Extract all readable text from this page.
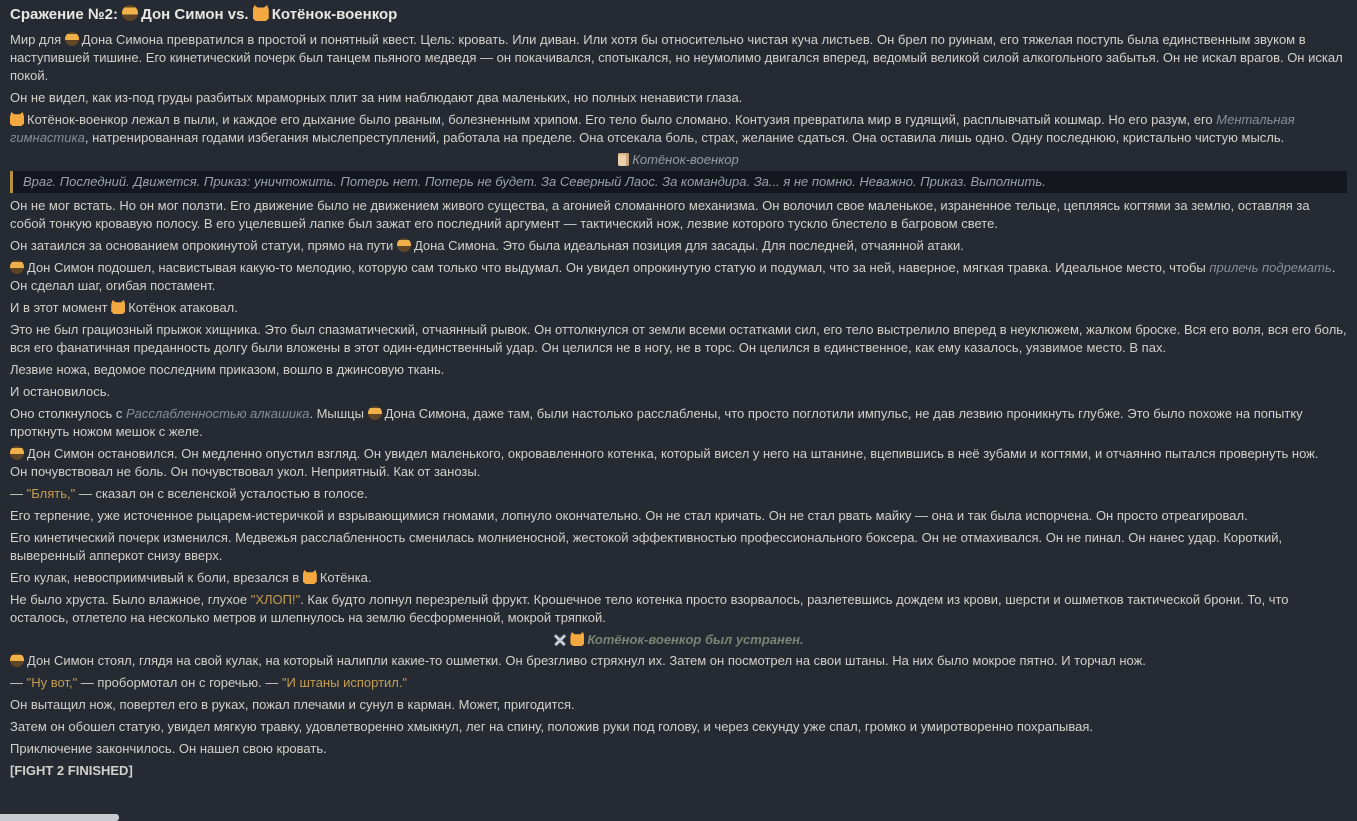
Сражение №2: Дон Симон vs. Котёнок-военкор

Мир для Дона Симона превратился в простой и понятный квест. Цель: кровать. Или диван. Или хотя бы относительно чистая куча листьев. Он брел по руинам, его тяжелая поступь была единственным звуком в наступившей тишине. Его кинетический почерк был танцем пьяного медведя — он покачивался, спотыкался, но неумолимо двигался вперед, ведомый великой силой алкогольного забытья. Он не искал врагов. Он искал покой.

Он не видел, как из-под груды разбитых мраморных плит за ним наблюдают два маленьких, но полных ненависти глаза.

Котёнок-военкор лежал в пыли, и каждое его дыхание было рваным, болезненным хрипом. Его тело было сломано. Контузия превратила мир в гудящий, расплывчатый кошмар. Но его разум, его Ментальная гимнастика, натренированная годами избегания мыслепреступлений, работала на пределе. Она отсекала боль, страх, желание сдаться. Она оставила лишь одно. Одну последнюю, кристально чистую мысль.

Котёнок-военкор
Враг. Последний. Движется. Приказ: уничтожить. Потерь нет. Потерь не будет. За Северный Лаос. За командира. За... я не помню. Неважно. Приказ. Выполнить.

Он не мог встать. Но он мог ползти. Его движение было не движением живого существа, а агонией сломанного механизма. Он волочил свое маленькое, израненное тельце, цепляясь когтями за землю, оставляя за собой тонкую кровавую полосу. В его уцелевшей лапке был зажат его последний аргумент — тактический нож, лезвие которого тускло блестело в багровом свете.

Он затаился за основанием опрокинутой статуи, прямо на пути Дона Симона. Это была идеальная позиция для засады. Для последней, отчаянной атаки.

Дон Симон подошел, насвистывая какую-то мелодию, которую сам только что выдумал. Он увидел опрокинутую статую и подумал, что за ней, наверное, мягкая травка. Идеальное место, чтобы прилечь подремать. Он сделал шаг, огибая постамент.

И в этот момент Котёнок атаковал.

Это не был грациозный прыжок хищника. Это был спазматический, отчаянный рывок. Он оттолкнулся от земли всеми остатками сил, его тело выстрелило вперед в неуклюжем, жалком броске. Вся его воля, вся его боль, вся его фанатичная преданность долгу были вложены в этот один-единственный удар. Он целился не в ногу, не в торс. Он целился в единственное, как ему казалось, уязвимое место. В пах.

Лезвие ножа, ведомое последним приказом, вошло в джинсовую ткань.

И остановилось.

Оно столкнулось с Расслабленностью алкашика. Мышцы Дона Симона, даже там, были настолько расслаблены, что просто поглотили импульс, не дав лезвию проникнуть глубже. Это было похоже на попытку проткнуть ножом мешок с желе.

Дон Симон остановился. Он медленно опустил взгляд. Он увидел маленького, окровавленного котенка, который висел у него на штанине, вцепившись в неё зубами и когтями, и отчаянно пытался провернуть нож.
Он почувствовал не боль. Он почувствовал укол. Неприятный. Как от занозы.

— "Блять," — сказал он с вселенской усталостью в голосе.

Его терпение, уже источенное рыцарем-истеричкой и взрывающимися гномами, лопнуло окончательно. Он не стал кричать. Он не стал рвать майку — она и так была испорчена. Он просто отреагировал.

Его кинетический почерк изменился. Медвежья расслабленность сменилась молниеносной, жестокой эффективностью профессионального боксера. Он не отмахивался. Он не пинал. Он нанес удар. Короткий, выверенный апперкот снизу вверх.

Его кулак, невосприимчивый к боли, врезался в Котёнка.

Не было хруста. Было влажное, глухое "ХЛОП!". Как будто лопнул перезрелый фрукт. Крошечное тело котенка просто взорвалось, разлетевшись дождем из крови, шерсти и ошметков тактической брони. То, что осталось, отлетело на несколько метров и шлепнулось на землю бесформенной, мокрой тряпкой.

Котёнок-военкор был устранен.

Дон Симон стоял, глядя на свой кулак, на который налипли какие-то ошметки. Он брезгливо стряхнул их. Затем он посмотрел на свои штаны. На них было мокрое пятно. И торчал нож.

— "Ну вот," — пробормотал он с горечью. — "И штаны испортил."

Он вытащил нож, повертел его в руках, пожал плечами и сунул в карман. Может, пригодится.

Затем он обошел статую, увидел мягкую травку, удовлетворенно хмыкнул, лег на спину, положив руки под голову, и через секунду уже спал, громко и умиротворенно похрапывая.

Приключение закончилось. Он нашел свою кровать.

[FIGHT 2 FINISHED]
